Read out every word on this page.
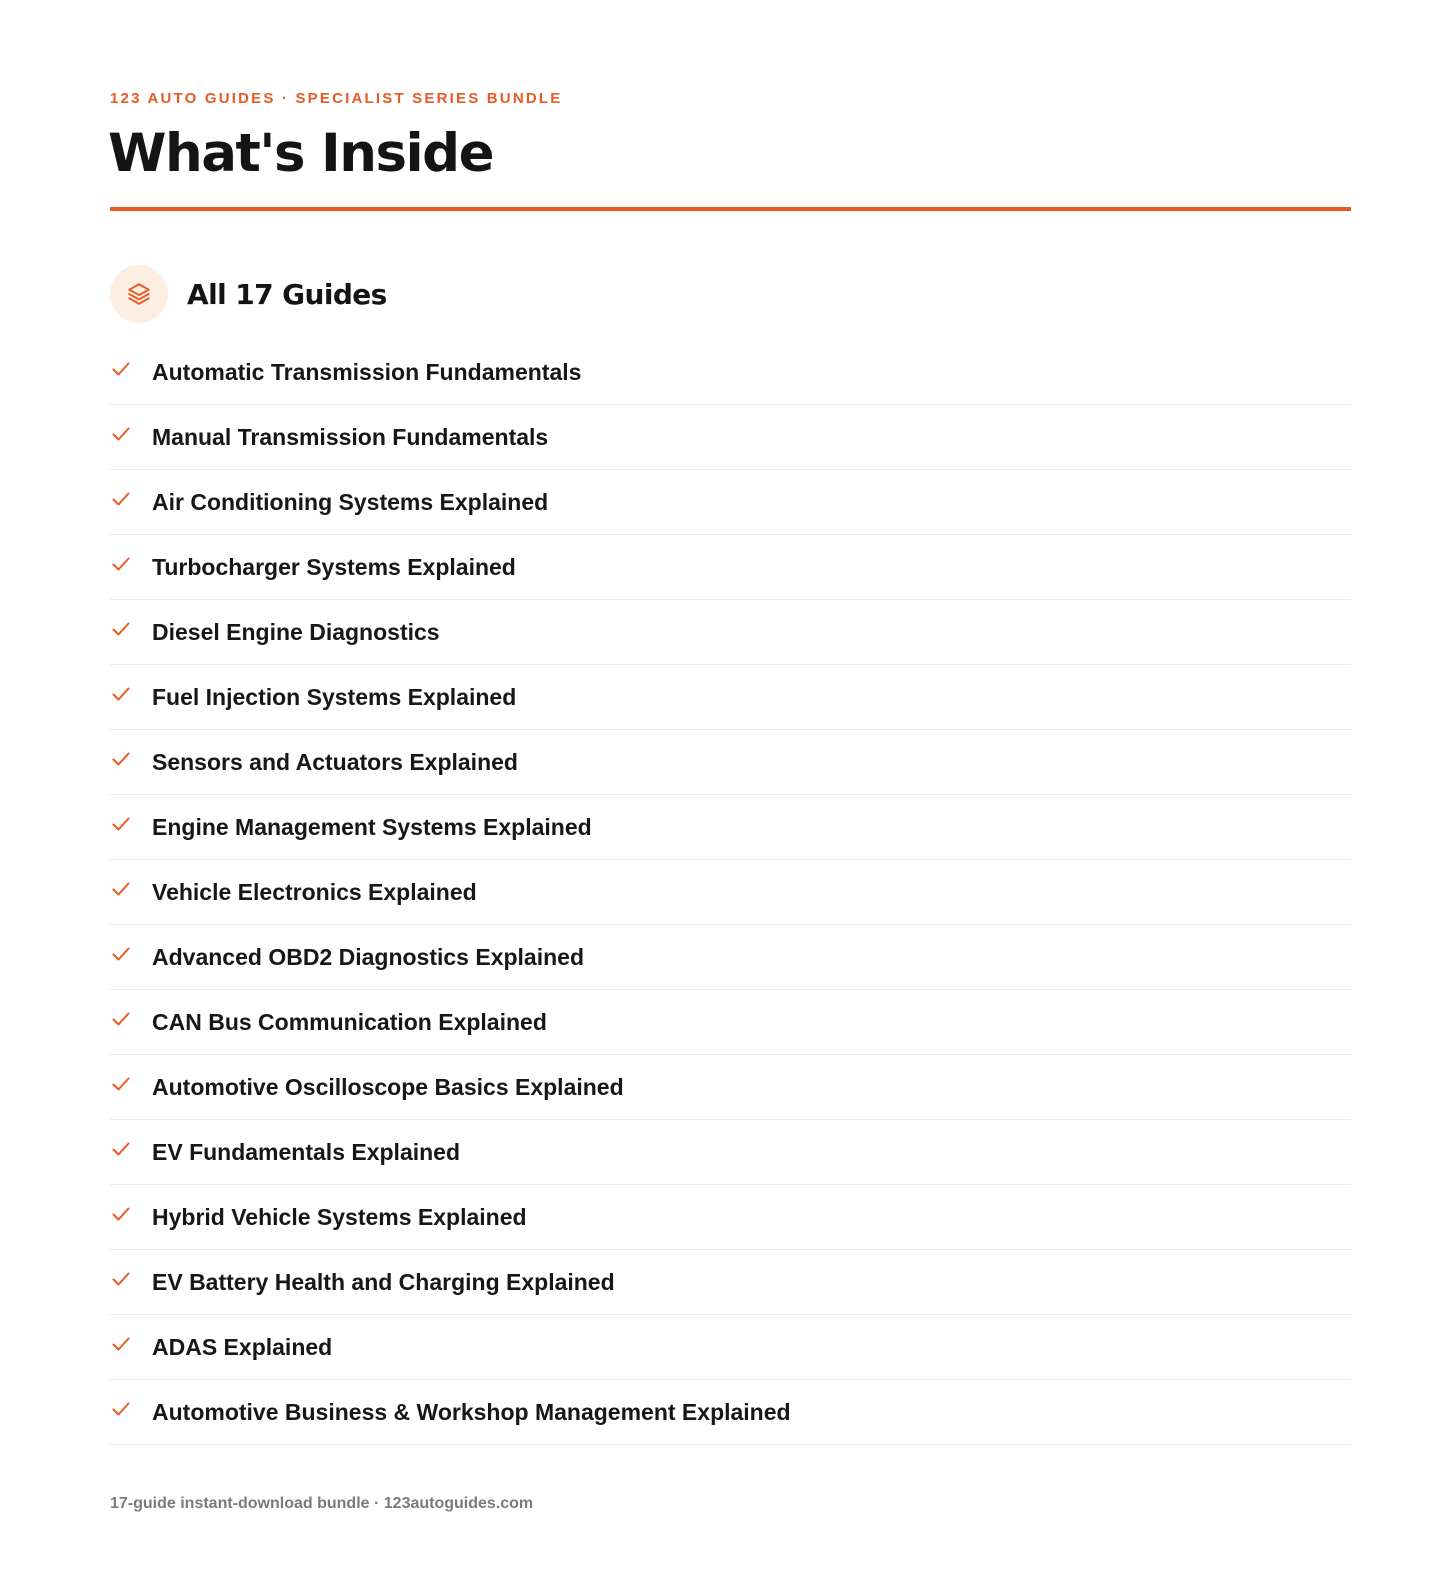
123 AUTO GUIDES · SPECIALIST SERIES BUNDLE
What's Inside
All 17 Guides
Automatic Transmission Fundamentals
Manual Transmission Fundamentals
Air Conditioning Systems Explained
Turbocharger Systems Explained
Diesel Engine Diagnostics
Fuel Injection Systems Explained
Sensors and Actuators Explained
Engine Management Systems Explained
Vehicle Electronics Explained
Advanced OBD2 Diagnostics Explained
CAN Bus Communication Explained
Automotive Oscilloscope Basics Explained
EV Fundamentals Explained
Hybrid Vehicle Systems Explained
EV Battery Health and Charging Explained
ADAS Explained
Automotive Business & Workshop Management Explained
17-guide instant-download bundle · 123autoguides.com
